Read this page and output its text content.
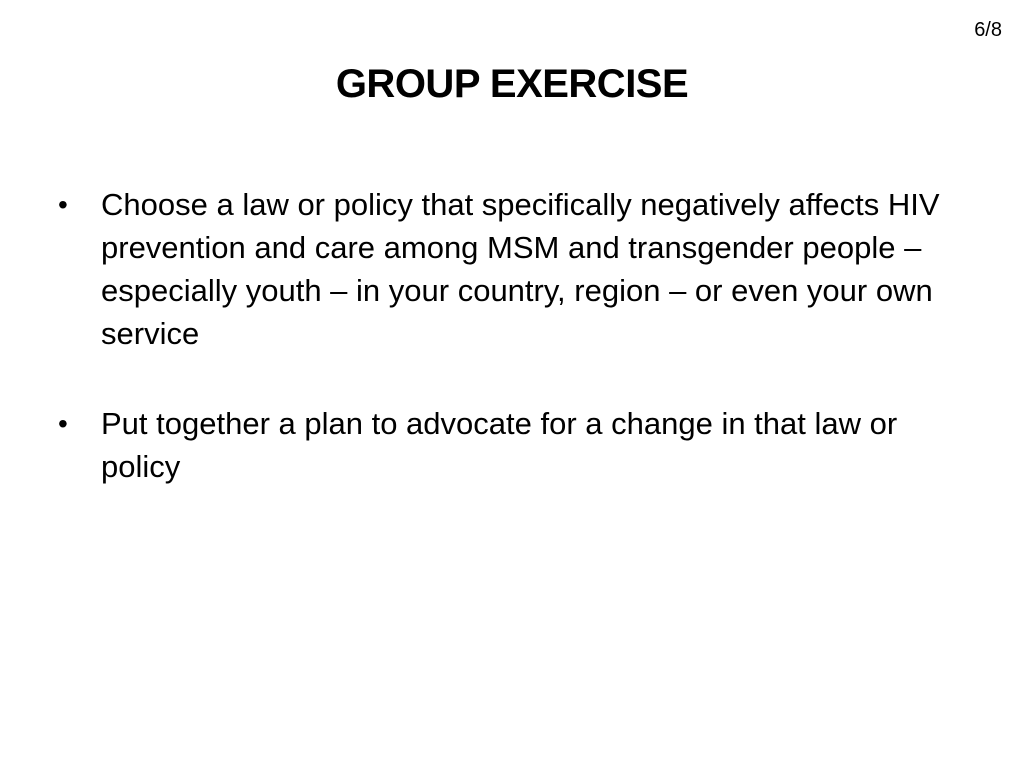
6/8
GROUP EXERCISE
• Choose a law or policy that specifically negatively affects HIV prevention and care among MSM and transgender people – especially youth – in your country, region – or even your own service
• Put together a plan to advocate for a change in that law or policy
